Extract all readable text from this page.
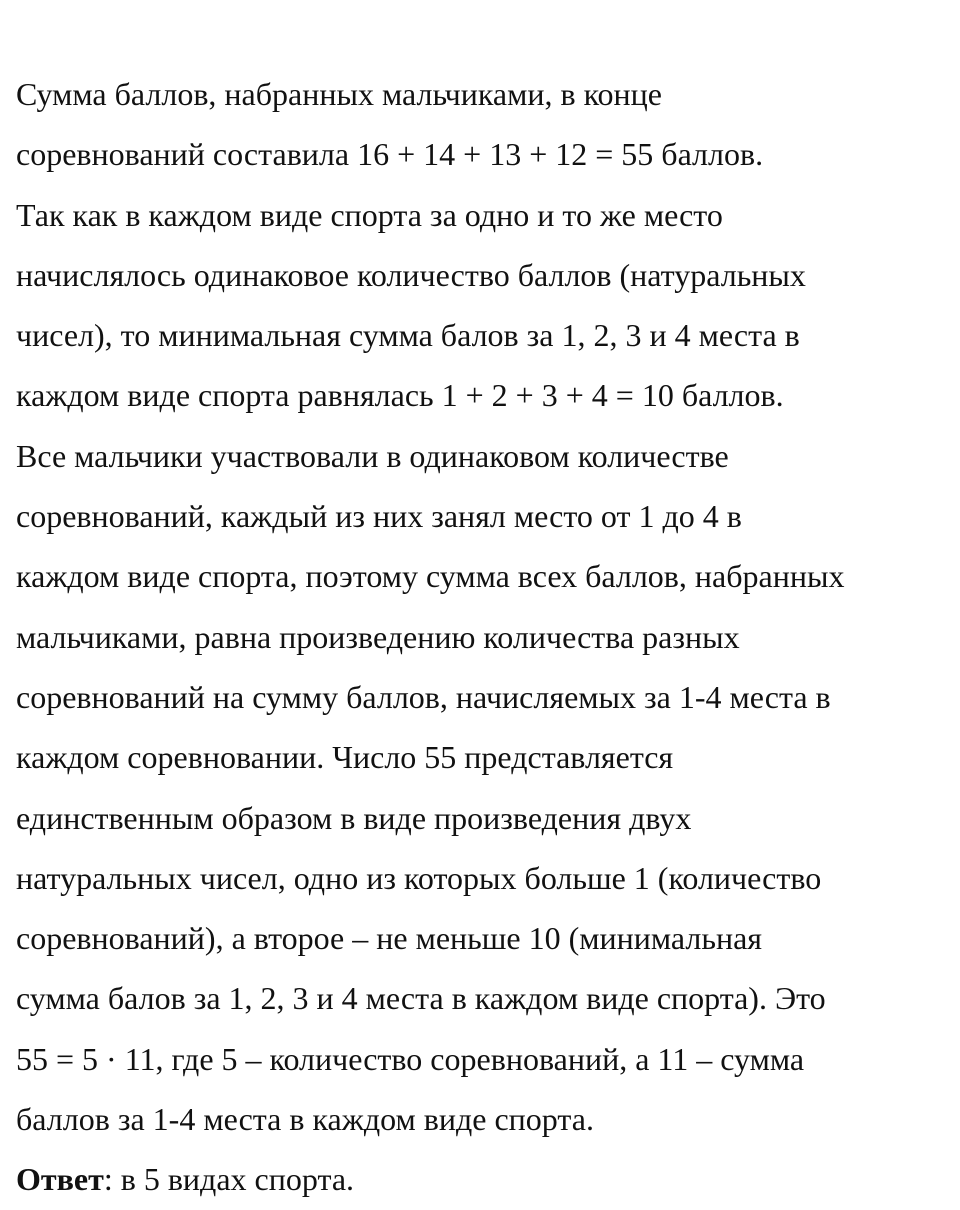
Сумма баллов, набранных мальчиками, в конце
соревнований составила 16 + 14 + 13 + 12 = 55 баллов.
Так как в каждом виде спорта за одно и то же место
начислялось одинаковое количество баллов (натуральных
чисел), то минимальная сумма балов за 1, 2, 3 и 4 места в
каждом виде спорта равнялась 1 + 2 + 3 + 4 = 10 баллов.
Все мальчики участвовали в одинаковом количестве
соревнований, каждый из них занял место от 1 до 4 в
каждом виде спорта, поэтому сумма всех баллов, набранных
мальчиками, равна произведению количества разных
соревнований на сумму баллов, начисляемых за 1-4 места в
каждом соревновании. Число 55 представляется
единственным образом в виде произведения двух
натуральных чисел, одно из которых больше 1 (количество
соревнований), а второе – не меньше 10 (минимальная
сумма балов за 1, 2, 3 и 4 места в каждом виде спорта). Это
55 = 5 · 11, где 5 – количество соревнований, а 11 – сумма
баллов за 1-4 места в каждом виде спорта.
Ответ: в 5 видах спорта.
